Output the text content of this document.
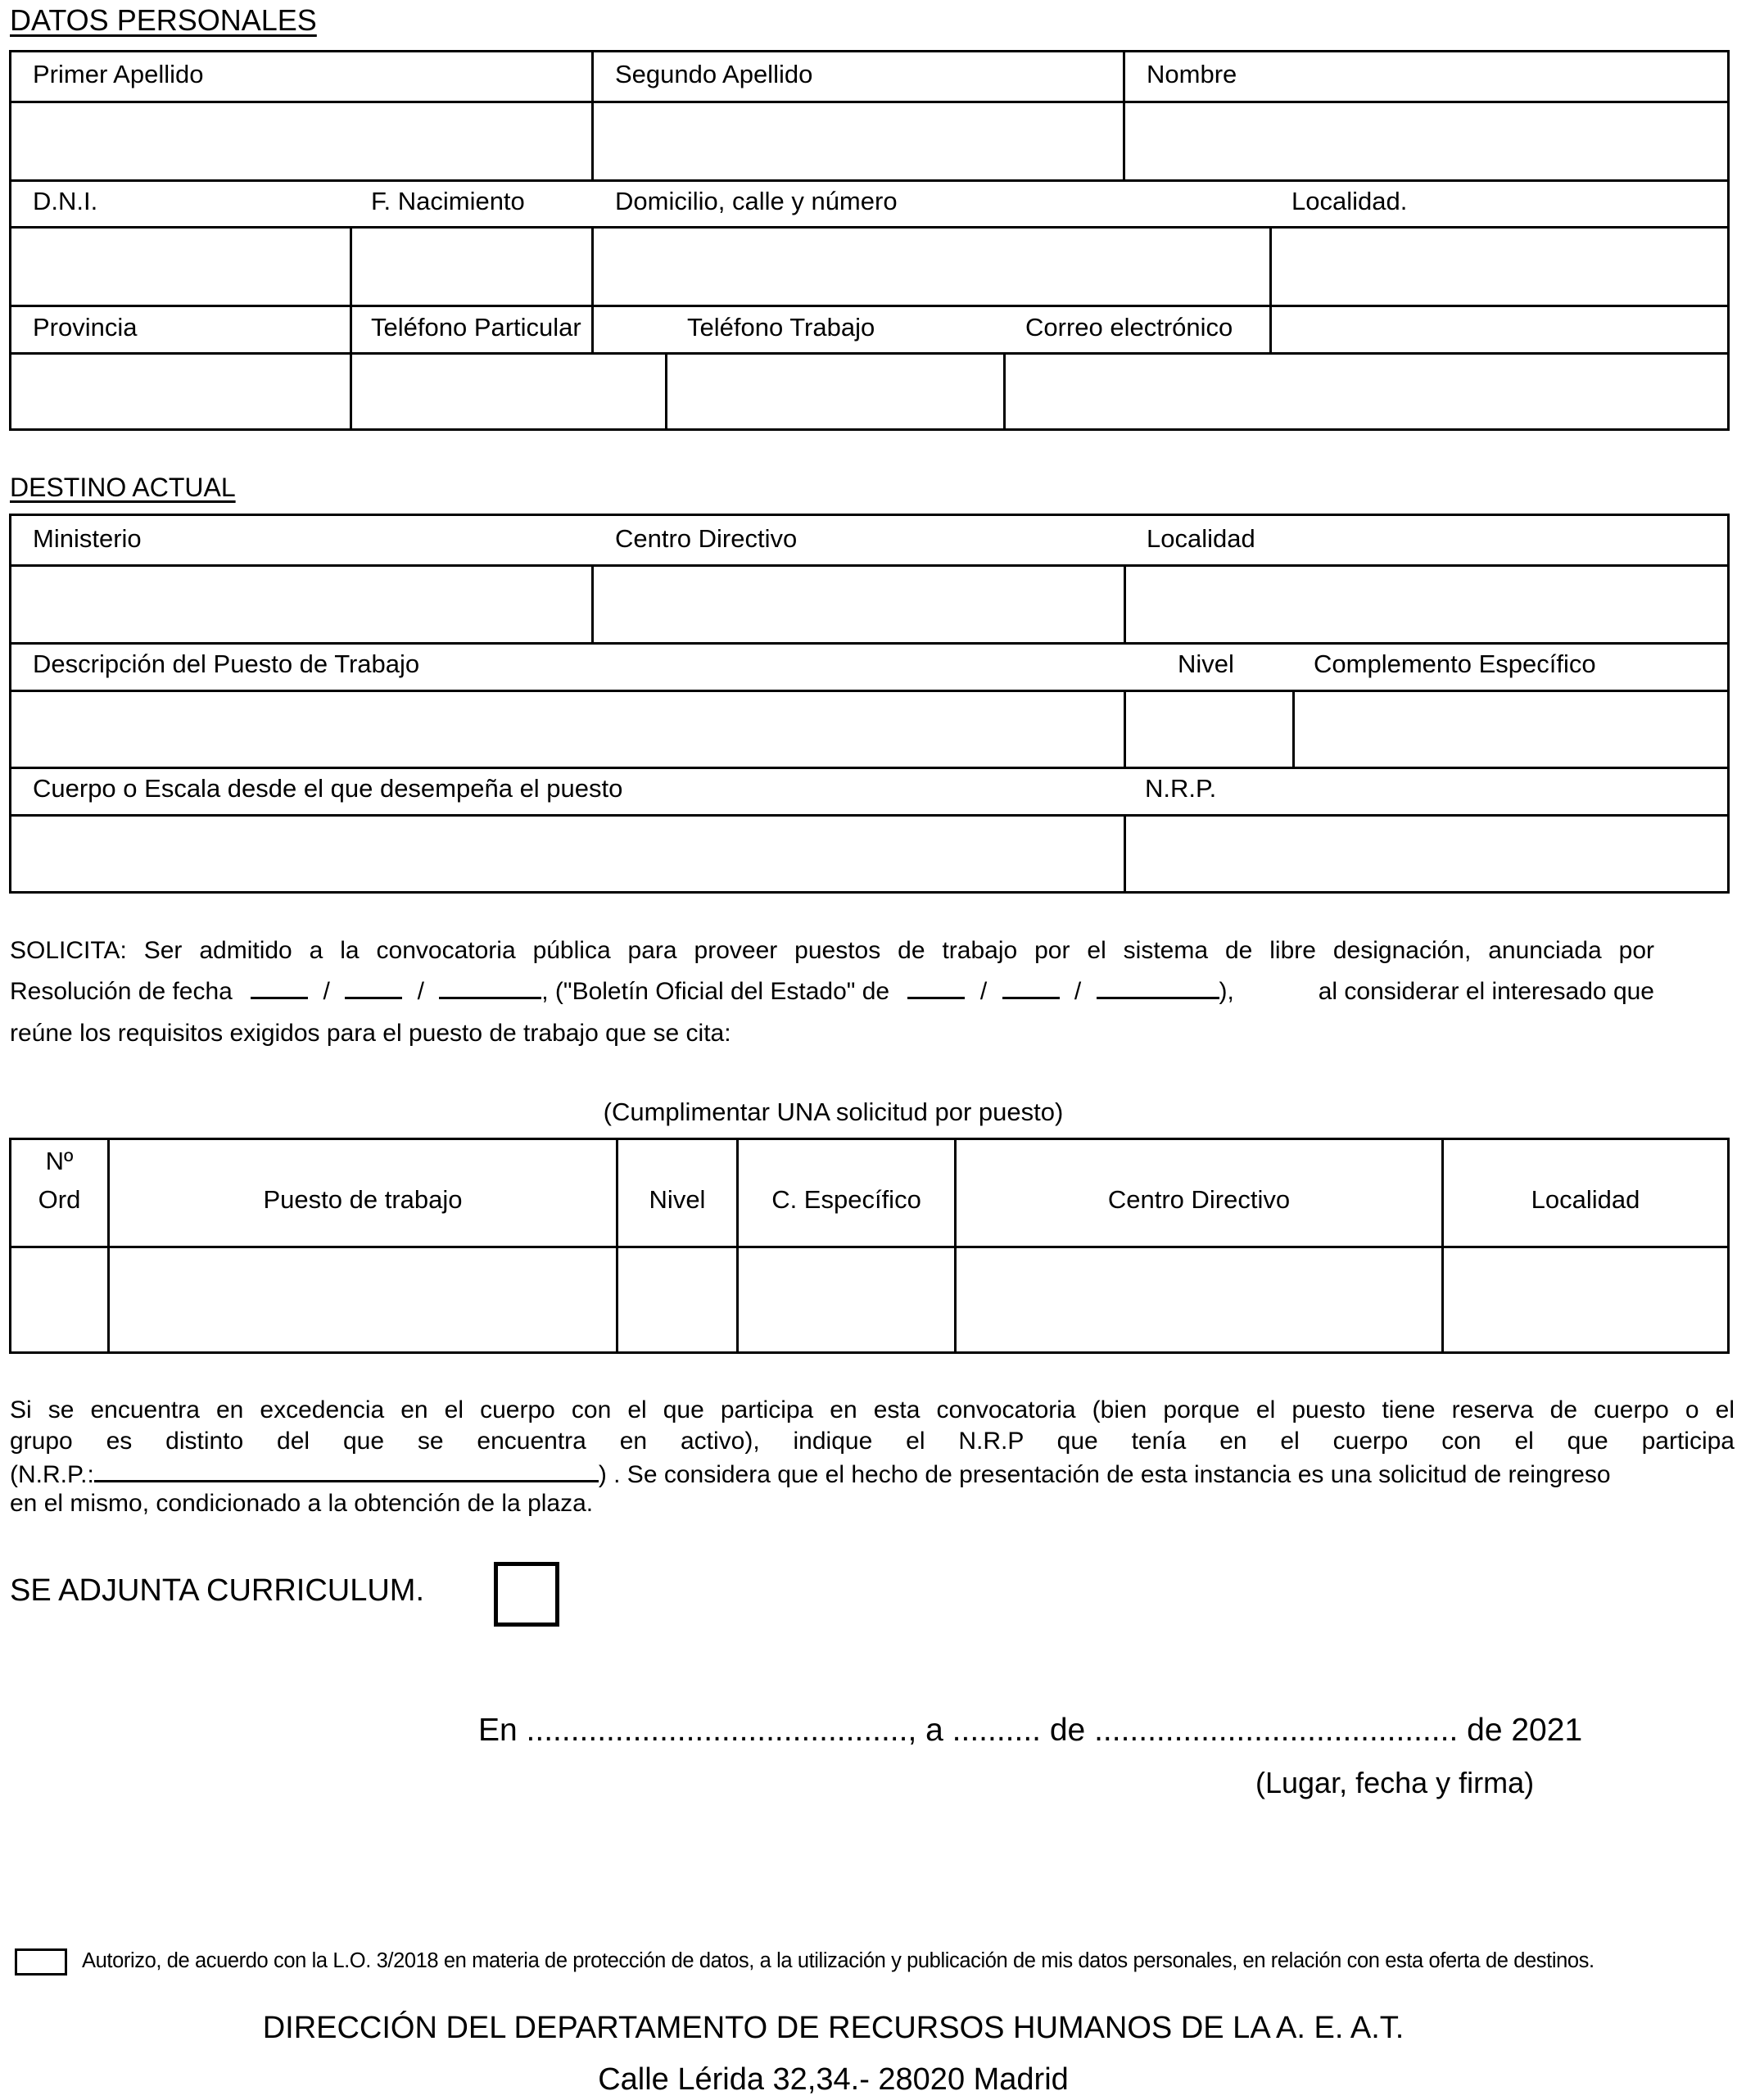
DATOS PERSONALES
Primer Apellido	Segundo Apellido	Nombre
D.N.I.	F. Nacimiento	Domicilio, calle y número	Localidad.
Provincia	Teléfono Particular	Teléfono Trabajo	Correo electrónico
DESTINO ACTUAL
Ministerio	Centro Directivo	Localidad
Descripción del Puesto de Trabajo	Nivel	Complemento Específico
Cuerpo o Escala desde el que desempeña el puesto	N.R.P.
SOLICITA: Ser admitido a la convocatoria pública para proveer puestos de trabajo por el sistema de libre designación, anunciada por
Resolución de fecha	/	/	, ("Boletín Oficial del Estado" de	/	/	),	al considerar el interesado que
reúne los requisitos exigidos para el puesto de trabajo que se cita:
(Cumplimentar UNA solicitud por puesto)
Nº
Ord	Puesto de trabajo	Nivel	C. Específico	Centro Directivo	Localidad
Si se encuentra en excedencia en el cuerpo con el que participa en esta convocatoria (bien porque el puesto tiene reserva de cuerpo o el
grupo es distinto del que se encuentra en activo), indique el N.R.P que tenía en el cuerpo con el que participa
(N.R.P.:	) . Se considera que el hecho de presentación de esta instancia es una solicitud de reingreso
en el mismo, condicionado a la obtención de la plaza.
SE ADJUNTA CURRICULUM.
En ..........................................., a .......... de ......................................... de 2021
(Lugar, fecha y firma)
Autorizo, de acuerdo con la L.O. 3/2018 en materia de protección de datos, a la utilización y publicación de mis datos personales, en relación con esta oferta de destinos.
DIRECCIÓN DEL DEPARTAMENTO DE RECURSOS HUMANOS DE LA A. E. A.T.
Calle Lérida 32,34.- 28020 Madrid
